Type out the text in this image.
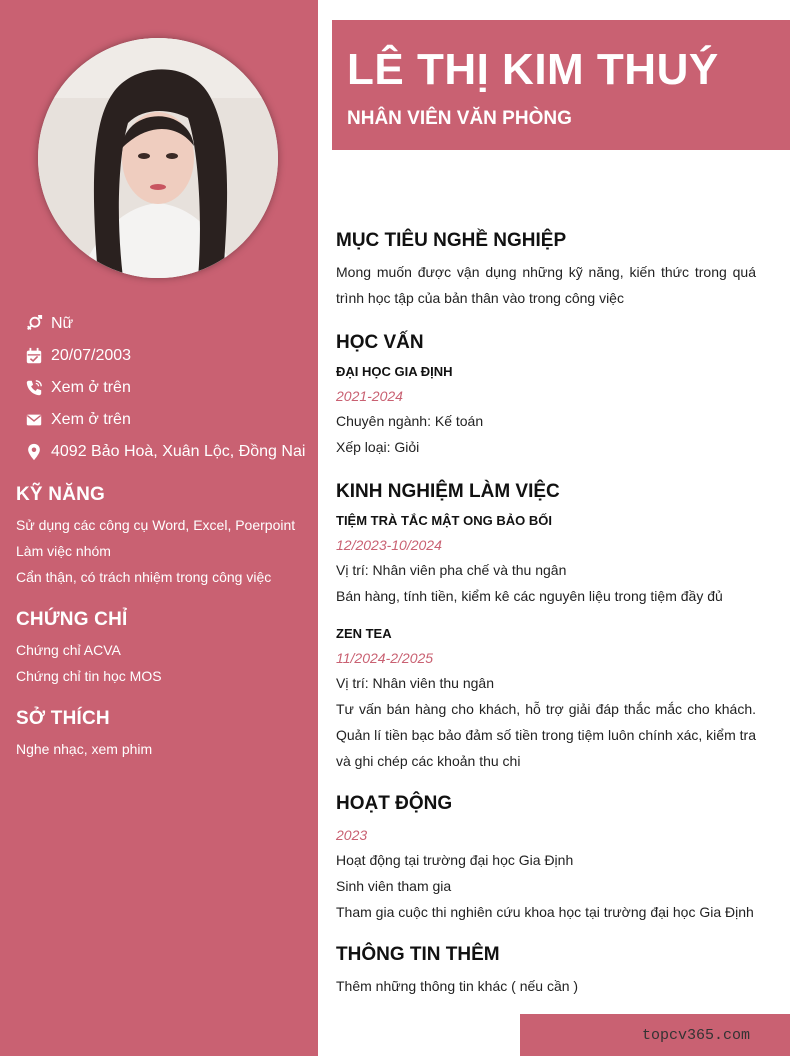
Nữ
20/07/2003
Xem ở trên
Xem ở trên
4092 Bảo Hoà, Xuân Lộc, Đồng Nai
KỸ NĂNG
Sử dụng các công cụ Word, Excel, Poerpoint
Làm việc nhóm
Cẩn thận, có trách nhiệm trong công việc
CHỨNG CHỈ
Chứng chỉ ACVA
Chứng chỉ tin học MOS
SỞ THÍCH
Nghe nhạc, xem phim
LÊ THỊ KIM THUÝ
NHÂN VIÊN VĂN PHÒNG
MỤC TIÊU NGHỀ NGHIỆP
Mong muốn được vận dụng những kỹ năng, kiến thức trong quá trình học tập của bản thân vào trong công việc
HỌC VẤN
ĐẠI HỌC GIA ĐỊNH
2021-2024
Chuyên ngành: Kế toán
Xếp loại: Giỏi
KINH NGHIỆM LÀM VIỆC
TIỆM TRÀ TẮC MẬT ONG BẢO BỐI
12/2023-10/2024
Vị trí: Nhân viên pha chế và thu ngân
Bán hàng, tính tiền, kiểm kê các nguyên liệu trong tiệm đầy đủ
ZEN TEA
11/2024-2/2025
Vị trí: Nhân viên thu ngân
Tư vấn bán hàng cho khách, hỗ trợ giải đáp thắc mắc cho khách. Quản lí tiền bạc bảo đảm số tiền trong tiệm luôn chính xác, kiểm tra và ghi chép các khoản thu chi
HOẠT ĐỘNG
2023
Hoạt động tại trường đại học Gia Định
Sinh viên tham gia
Tham gia cuộc thi nghiên cứu khoa học tại trường đại học Gia Định
THÔNG TIN THÊM
Thêm những thông tin khác ( nếu cần )
topcv365.com
